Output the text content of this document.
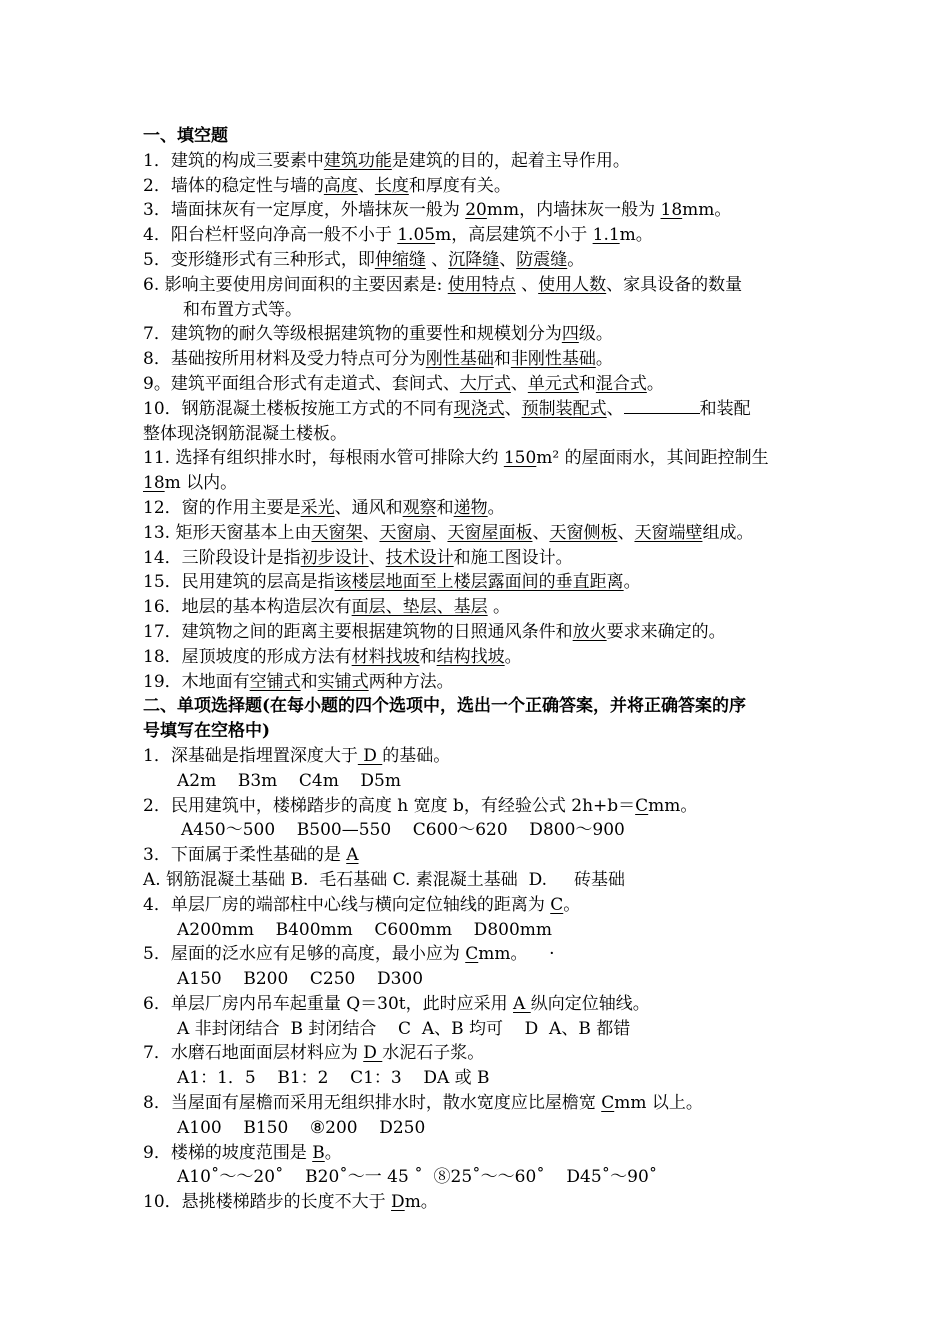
一、填空题
1．建筑的构成三要素中建筑功能是建筑的目的，起着主导作用。
2．墙体的稳定性与墙的高度、长度和厚度有关。
3．墙面抹灰有一定厚度，外墙抹灰一般为 20mm，内墙抹灰一般为 18mm。
4．阳台栏杆竖向净高一般不小于 1.05m，高层建筑不小于 1.1m。
5．变形缝形式有三种形式，即伸缩缝 、沉降缝、防震缝。
6. 影响主要使用房间面积的主要因素是: 使用特点 、使用人数、家具设备的数量
和布置方式等。
7．建筑物的耐久等级根据建筑物的重要性和规模划分为四级。
8．基础按所用材料及受力特点可分为刚性基础和非刚性基础。
9。建筑平面组合形式有走道式、套间式、大厅式、单元式和混合式。
10．钢筋混凝土楼板按施工方式的不同有现浇式、预制装配式、	和装配
整体现浇钢筋混凝土楼板。
11. 选择有组织排水时，每根雨水管可排除大约 150m² 的屋面雨水，其间距控制生
18m 以内。
12．窗的作用主要是采光、通风和观察和递物。
13. 矩形天窗基本上由天窗架、天窗扇、天窗屋面板、天窗侧板、天窗端壁组成。
14．三阶段设计是指初步设计、技术设计和施工图设计。
15．民用建筑的层高是指该楼层地面至上楼层露面间的垂直距离。
16．地层的基本构造层次有面层、垫层、基层 。
17．建筑物之间的距离主要根据建筑物的日照通风条件和放火要求来确定的。
18．屋顶坡度的形成方法有材料找坡和结构找坡。
19．木地面有空铺式和实铺式两种方法。
二、单项选择题(在每小题的四个选项中，选出一个正确答案，并将正确答案的序
号填写在空格中)
1．深基础是指埋置深度大于 D 的基础。
A2m    B3m    C4m    D5m
2．民用建筑中，楼梯踏步的高度 h 宽度 b，有经验公式 2h+b＝Cmm。
A450～500    B500—550    C600～620    D800～900
3．下面属于柔性基础的是 A
A. 钢筋混凝土基础 B.  毛石基础 C. 素混凝土基础  D.     砖基础
4．单层厂房的端部柱中心线与横向定位轴线的距离为 C。
A200mm    B400mm    C600mm    D800mm
5．屋面的泛水应有足够的高度，最小应为 Cmm。    ·
A150    B200    C250    D300
6．单层厂房内吊车起重量 Q＝30t，此时应采用 A 纵向定位轴线。
A 非封闭结合  B 封闭结合    C  A、B 均可    D  A、B 都错
7．水磨石地面面层材料应为 D 水泥石子浆。
A1：1．5    B1：2    C1：3    DA 或 B
8．当屋面有屋檐而采用无组织排水时，散水宽度应比屋檐宽 Cmm 以上。
A100    B150    ⑧200    D250
9．楼梯的坡度范围是 B。
A10˚～～20˚    B20˚～一 45 ˚  ⑧25˚～～60˚    D45˚～90˚
10．悬挑楼梯踏步的长度不大于 Dm。
